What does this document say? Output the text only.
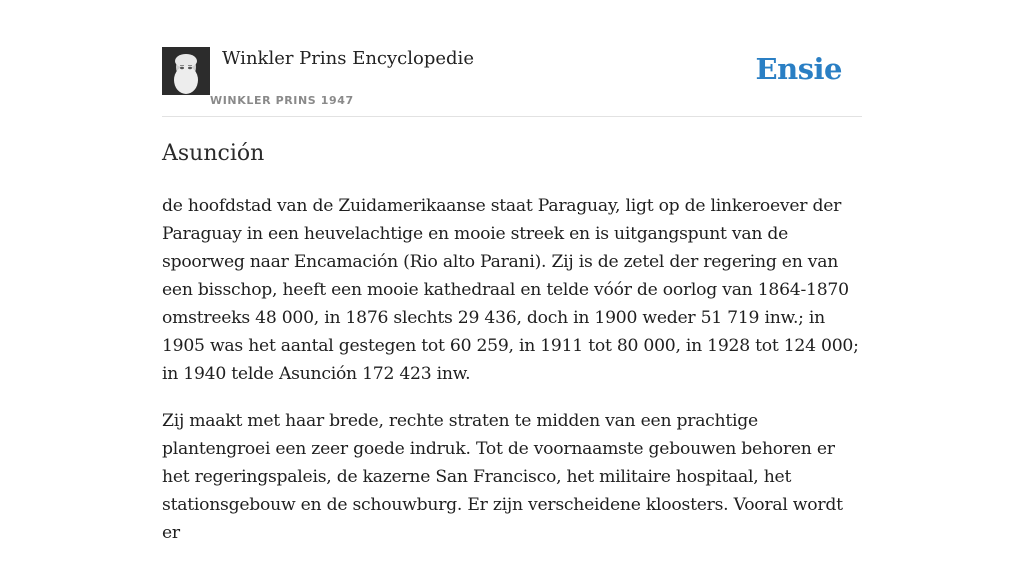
Winkler Prins Encyclopedie
WINKLER PRINS 1947
Ensie
Asunción

de hoofdstad van de Zuidamerikaanse staat Paraguay, ligt op de linkeroever der Paraguay in een heuvelachtige en mooie streek en is uitgangspunt van de spoorweg naar Encamación (Rio alto Parani). Zij is de zetel der regering en van een bisschop, heeft een mooie kathedraal en telde vóór de oorlog van 1864-1870 omstreeks 48 000, in 1876 slechts 29 436, doch in 1900 weder 51 719 inw.; in 1905 was het aantal gestegen tot 60 259, in 1911 tot 80 000, in 1928 tot 124 000; in 1940 telde Asunción 172 423 inw.

Zij maakt met haar brede, rechte straten te midden van een prachtige plantengroei een zeer goede indruk. Tot de voornaamste gebouwen behoren er het regeringspaleis, de kazerne San Francisco, het militaire hospitaal, het stationsgebouw en de schouwburg. Er zijn verscheidene kloosters. Vooral wordt er
